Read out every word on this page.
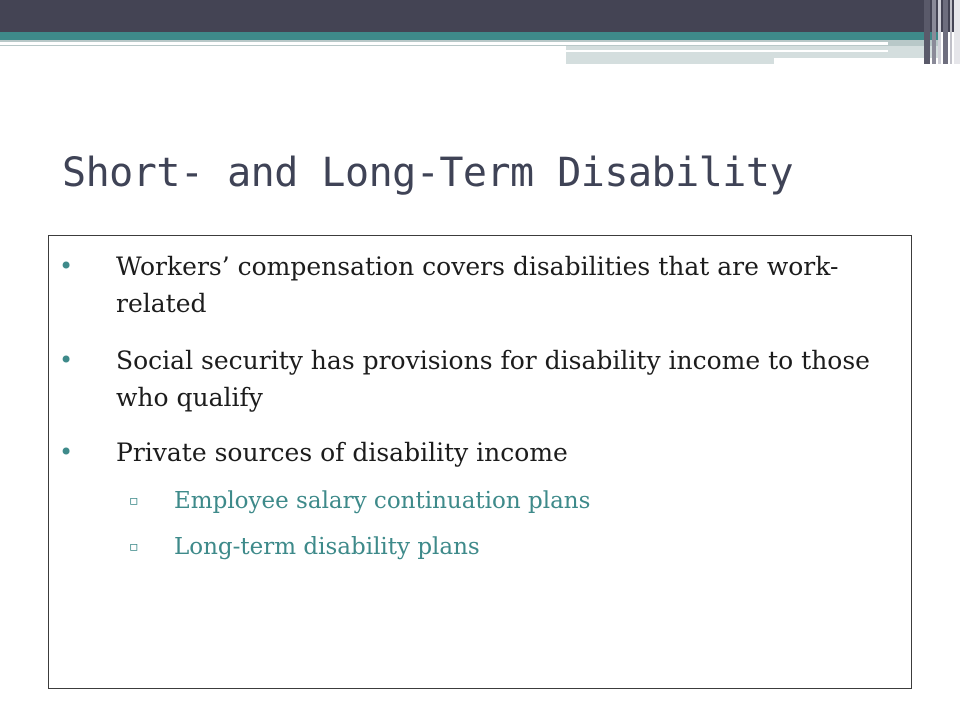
Short- and Long-Term Disability
• Workers’ compensation covers disabilities that are work-related
• Social security has provisions for disability income to those who qualify
• Private sources of disability income
▫ Employee salary continuation plans
▫ Long-term disability plans
